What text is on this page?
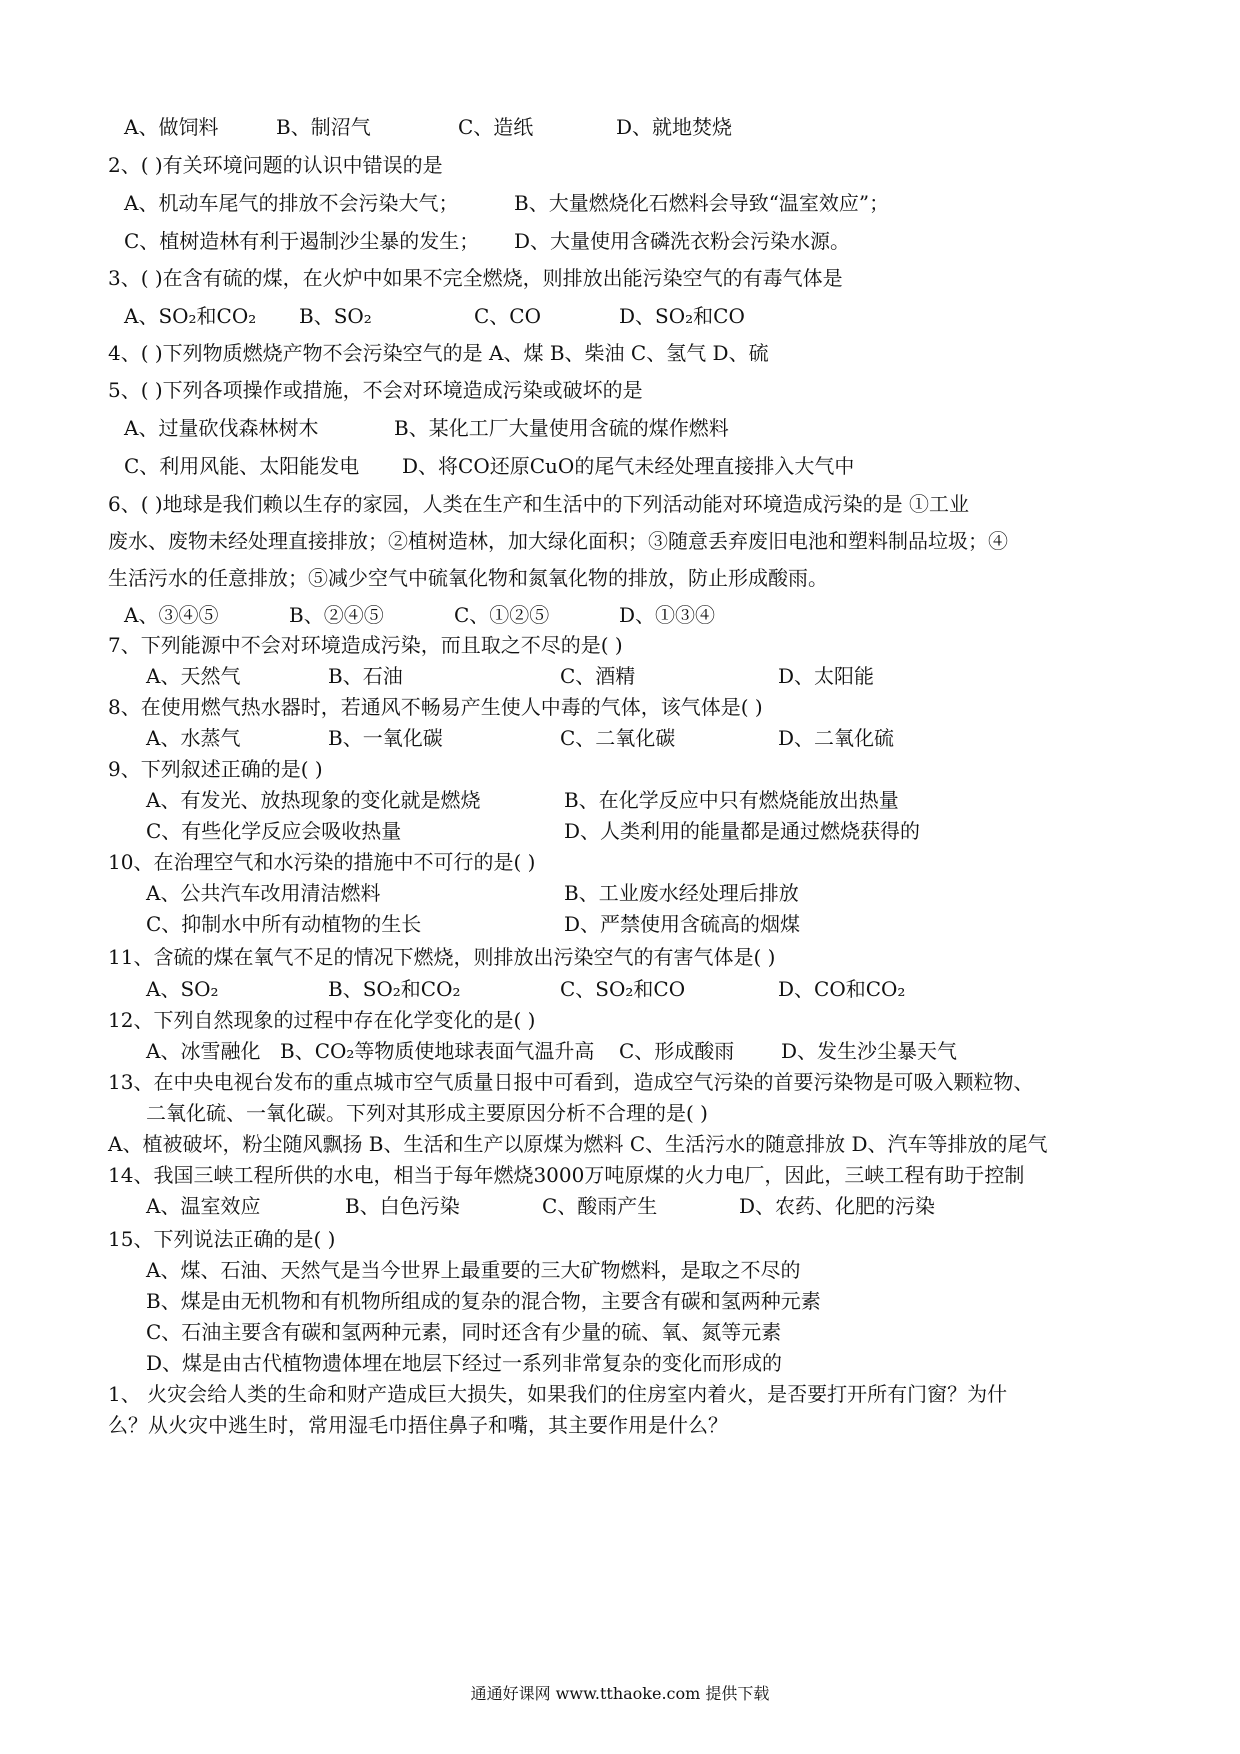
A、做饲料	B、制沼气	C、造纸	D、就地焚烧
2、( )有关环境问题的认识中错误的是
A、机动车尾气的排放不会污染大气；	B、大量燃烧化石燃料会导致“温室效应”；
C、植树造林有利于遏制沙尘暴的发生；	D、大量使用含磷洗衣粉会污染水源。
3、( )在含有硫的煤，在火炉中如果不完全燃烧，则排放出能污染空气的有毒气体是
A、SO₂和CO₂	B、SO₂	C、CO	D、SO₂和CO
4、( )下列物质燃烧产物不会污染空气的是 A、煤 B、柴油 C、氢气 D、硫
5、( )下列各项操作或措施，不会对环境造成污染或破坏的是
A、过量砍伐森林树木	B、某化工厂大量使用含硫的煤作燃料
C、利用风能、太阳能发电	D、将CO还原CuO的尾气未经处理直接排入大气中
6、( )地球是我们赖以生存的家园，人类在生产和生活中的下列活动能对环境造成污染的是 ①工业
废水、废物未经处理直接排放；②植树造林，加大绿化面积；③随意丢弃废旧电池和塑料制品垃圾；④
生活污水的任意排放；⑤减少空气中硫氧化物和氮氧化物的排放，防止形成酸雨。
A、③④⑤	B、②④⑤	C、①②⑤	D、①③④
7、下列能源中不会对环境造成污染，而且取之不尽的是( )
A、天然气	B、石油	C、酒精	D、太阳能
8、在使用燃气热水器时，若通风不畅易产生使人中毒的气体，该气体是( )
A、水蒸气	B、一氧化碳	C、二氧化碳	D、二氧化硫
9、下列叙述正确的是( )
A、有发光、放热现象的变化就是燃烧	B、在化学反应中只有燃烧能放出热量
C、有些化学反应会吸收热量	D、人类利用的能量都是通过燃烧获得的
10、在治理空气和水污染的措施中不可行的是( )
A、公共汽车改用清洁燃料	B、工业废水经处理后排放
C、抑制水中所有动植物的生长	D、严禁使用含硫高的烟煤
11、含硫的煤在氧气不足的情况下燃烧，则排放出污染空气的有害气体是( )
A、SO₂	B、SO₂和CO₂	C、SO₂和CO	D、CO和CO₂
12、下列自然现象的过程中存在化学变化的是( )
A、冰雪融化 B、CO₂等物质使地球表面气温升高	C、形成酸雨	D、发生沙尘暴天气
13、在中央电视台发布的重点城市空气质量日报中可看到，造成空气污染的首要污染物是可吸入颗粒物、
二氧化硫、一氧化碳。下列对其形成主要原因分析不合理的是( )
A、植被破坏，粉尘随风飘扬 B、生活和生产以原煤为燃料 C、生活污水的随意排放 D、汽车等排放的尾气
14、我国三峡工程所供的水电，相当于每年燃烧3000万吨原煤的火力电厂，因此，三峡工程有助于控制
A、温室效应	B、白色污染	C、酸雨产生	D、农药、化肥的污染
15、下列说法正确的是( )
A、煤、石油、天然气是当今世界上最重要的三大矿物燃料，是取之不尽的
B、煤是由无机物和有机物所组成的复杂的混合物，主要含有碳和氢两种元素
C、石油主要含有碳和氢两种元素，同时还含有少量的硫、氧、氮等元素
D、煤是由古代植物遗体埋在地层下经过一系列非常复杂的变化而形成的
1、 火灾会给人类的生命和财产造成巨大损失，如果我们的住房室内着火，是否要打开所有门窗？为什
么？从火灾中逃生时，常用湿毛巾捂住鼻子和嘴，其主要作用是什么？
通通好课网 www.tthaoke.com 提供下载
